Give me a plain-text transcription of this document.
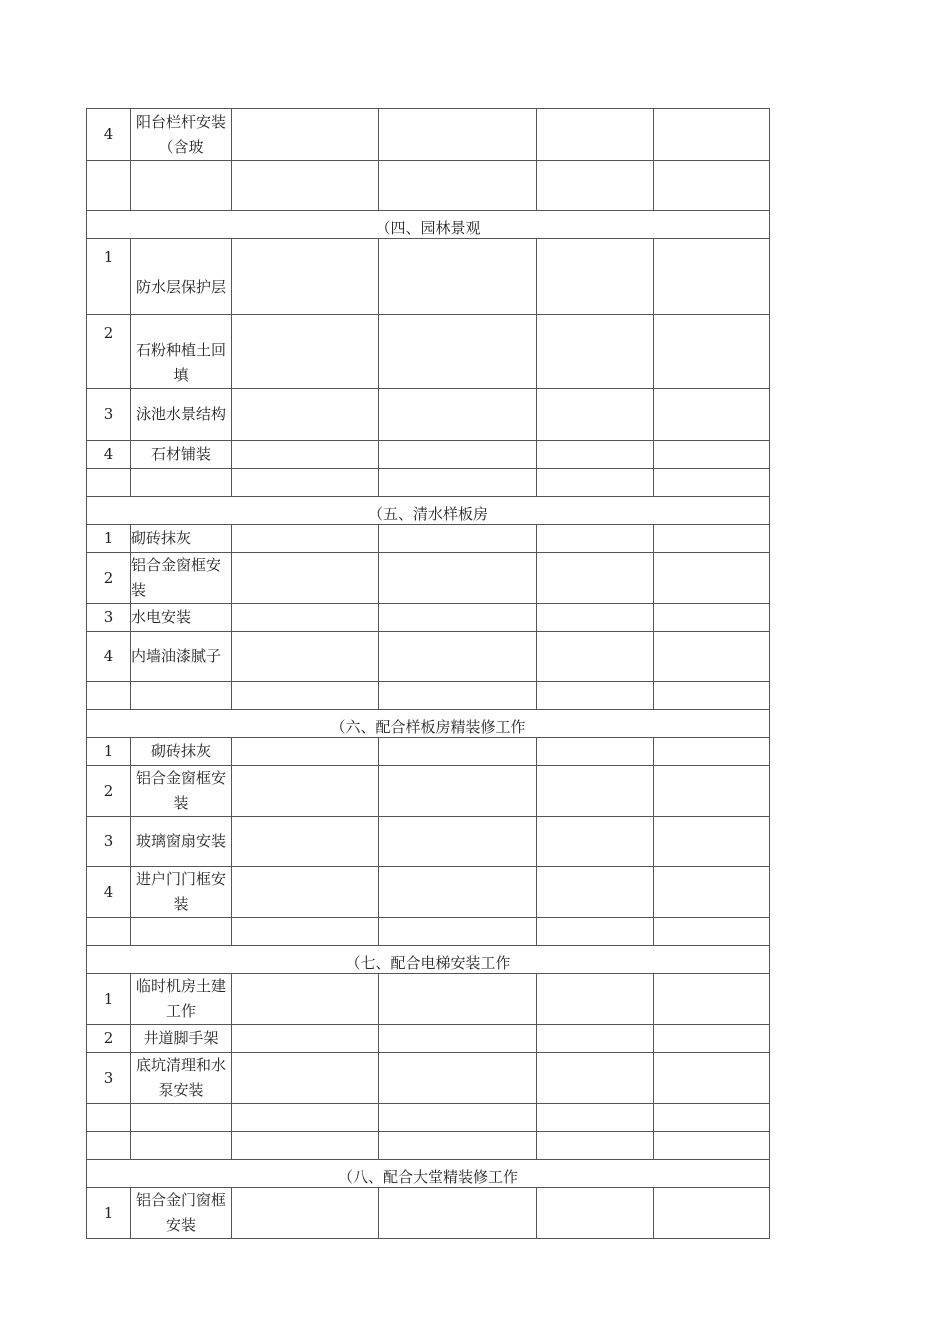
4	阳台栏杆安装（含玻				

（四、园林景观					
1	防水层保护层				
2	石粉种植土回填				
3	泳池水景结构				
4	石材铺装				

（五、清水样板房					
1	砌砖抹灰				
2	铝合金窗框安装				
3	水电安装				
4	内墙油漆腻子				

（六、配合样板房精装修工作					
1	砌砖抹灰				
2	铝合金窗框安装				
3	玻璃窗扇安装				
4	进户门门框安装				

（七、配合电梯安装工作					
1	临时机房土建工作				
2	井道脚手架				
3	底坑清理和水泵安装				

（八、配合大堂精装修工作					
1	铝合金门窗框安装				
